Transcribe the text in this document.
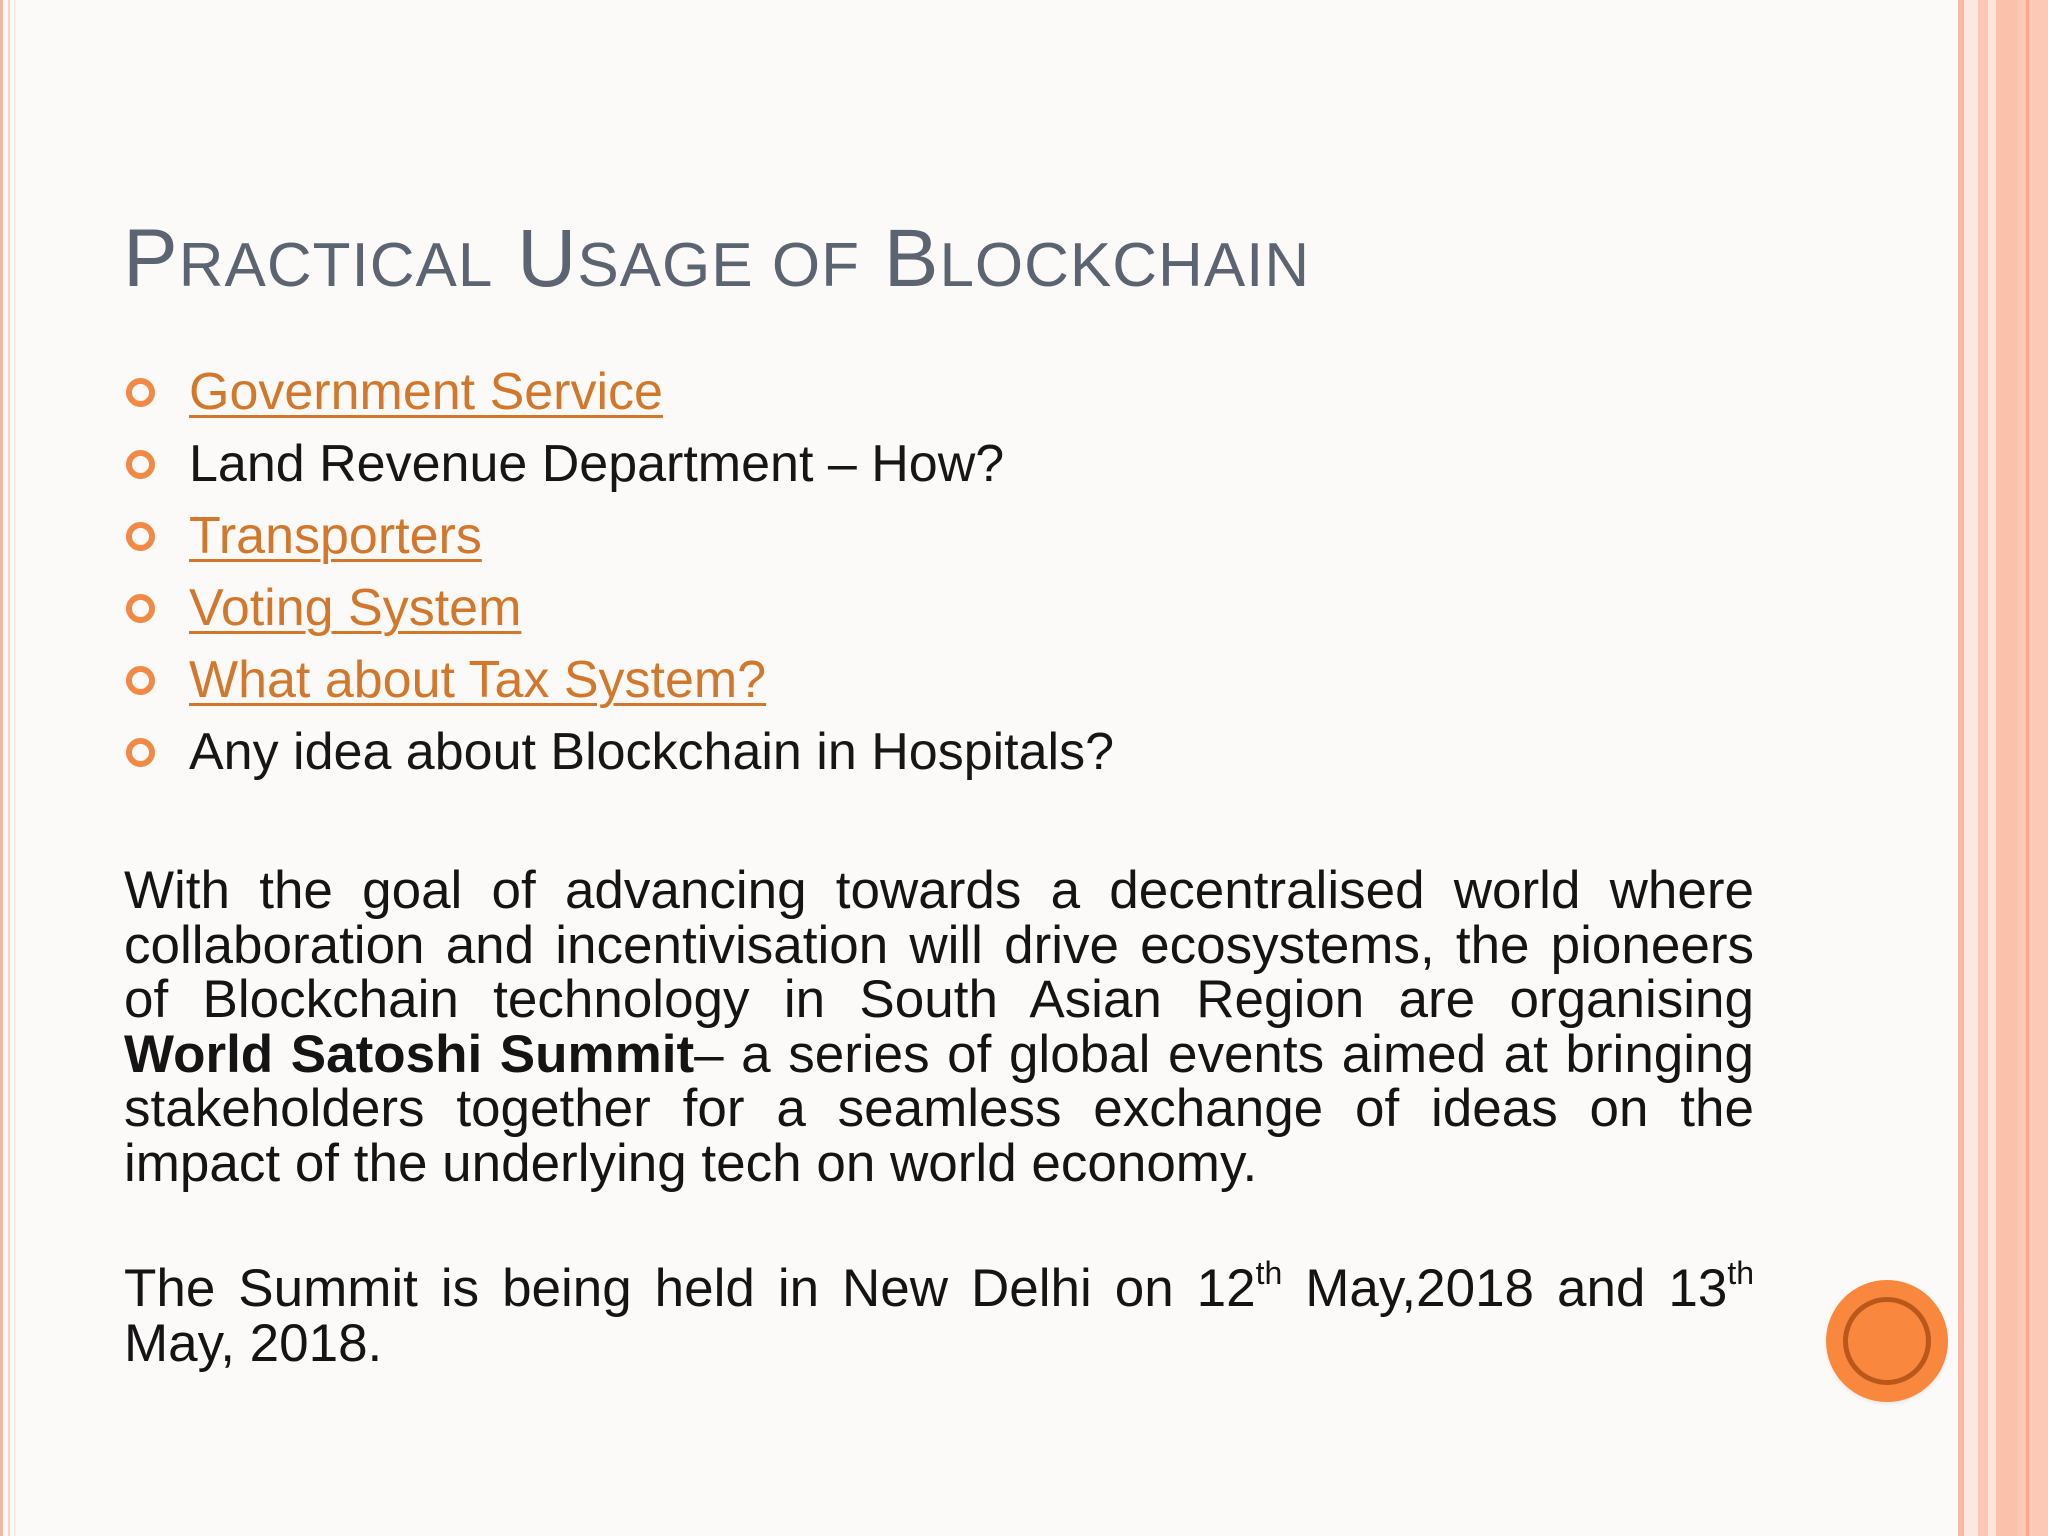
PRACTICAL USAGE OF BLOCKCHAIN
Government Service
Land Revenue Department – How?
Transporters
Voting System
What about Tax System?
Any idea about Blockchain in Hospitals?

With the goal of advancing towards a decentralised world where collaboration and incentivisation will drive ecosystems, the pioneers of Blockchain technology in South Asian Region are organising World Satoshi Summit– a series of global events aimed at bringing stakeholders together for a seamless exchange of ideas on the impact of the underlying tech on world economy.

The Summit is being held in New Delhi on 12th May,2018 and 13th May, 2018.
